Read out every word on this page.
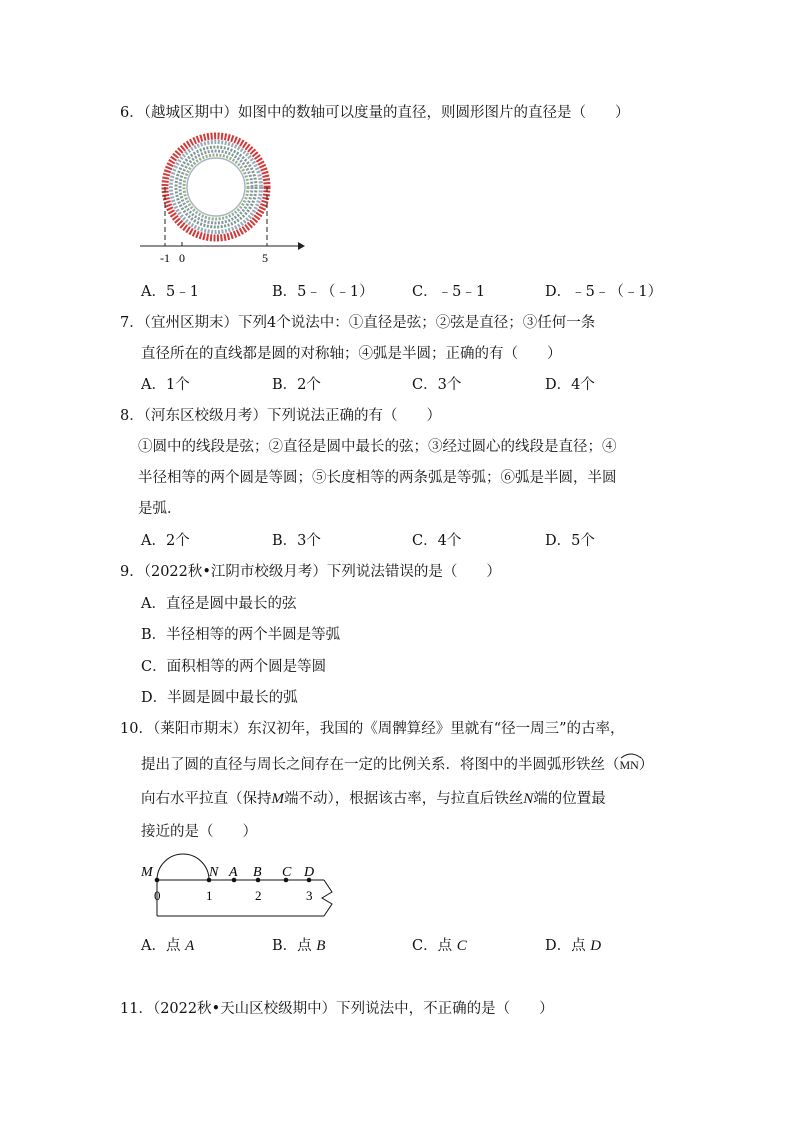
6．（越城区期中）如图中的数轴可以度量的直径，则圆形图片的直径是（　　）
-1 0	5
A．5﹣1	B．5﹣（﹣1）	C．﹣5﹣1	D．﹣5﹣（﹣1）
7．（宜州区期末）下列4个说法中：①直径是弦；②弦是直径；③任何一条
直径所在的直线都是圆的对称轴；④弧是半圆；正确的有（　　）
A．1个	B．2个	C．3个	D．4个
8．（河东区校级月考）下列说法正确的有（　　）
①圆中的线段是弦；②直径是圆中最长的弦；③经过圆心的线段是直径；④
半径相等的两个圆是等圆；⑤长度相等的两条弧是等弧；⑥弧是半圆，半圆
是弧．
A．2个	B．3个	C．4个	D．5个
9．（2022秋•江阴市校级月考）下列说法错误的是（　　）
A．直径是圆中最长的弦
B．半径相等的两个半圆是等弧
C．面积相等的两个圆是等圆
D．半圆是圆中最长的弧
10．（莱阳市期末）东汉初年，我国的《周髀算经》里就有“径一周三”的古率，
提出了圆的直径与周长之间存在一定的比例关系．将图中的半圆弧形铁丝（
MN）
向右水平拉直（保持M端不动），根据该古率，与拉直后铁丝N端的位置最
接近的是（　　）
M	N A B C D
0	1	2	3
A．点 A	B．点 B	C．点 C	D．点 D
11．（2022秋•天山区校级期中）下列说法中，不正确的是（　　）
